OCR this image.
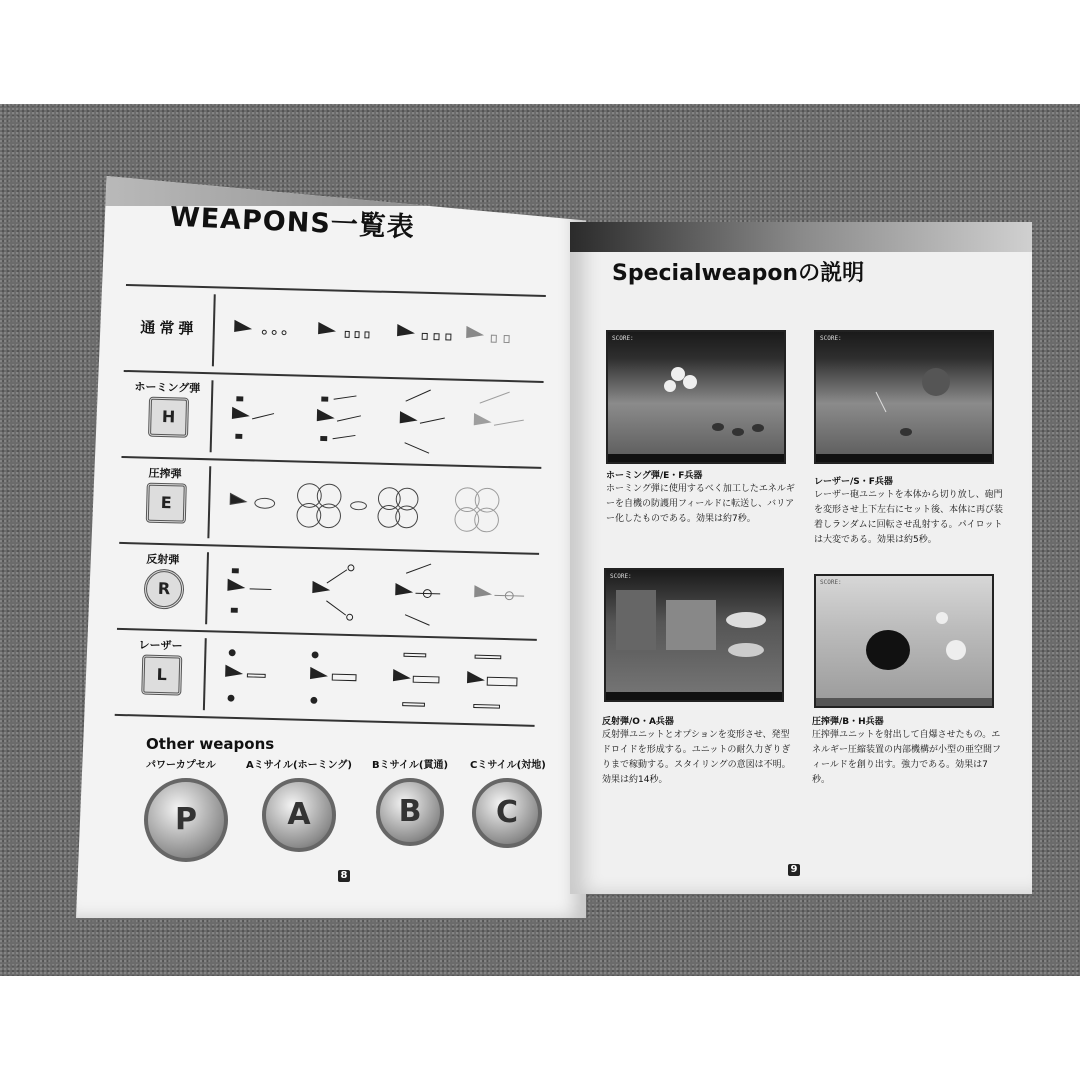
WEAPONS一覧表
通常弾
ホーミング弾
H
圧搾弾
E
反射弾
R
レーザー
L
Other weapons
パワーカプセル	Aミサイル(ホーミング) Bミサイル(貫通) Cミサイル(対地)
P	A	B	C
8
Specialweaponの説明
SCORE:	SCORE:
ホーミング弾/E・F兵器
ホーミング弾に使用するべく加工したエネルギーを自機の防護用フィールドに転送し、バリアー化したものである。効果は約7秒。
レーザー/S・F兵器
レーザー砲ユニットを本体から切り放し、砲門を変形させ上下左右にセット後、本体に再び装着しランダムに回転させ乱射する。パイロットは大変である。効果は約5秒。
SCORE:
SCORE:
反射弾/O・A兵器
反射弾ユニットとオプションを変形させ、発型ドロイドを形成する。ユニットの耐久力ぎりぎりまで稼動する。スタイリングの意図は不明。効果は約14秒。
圧搾弾/B・H兵器
圧搾弾ユニットを射出して自爆させたもの。エネルギー圧縮装置の内部機構が小型の亜空間フィールドを創り出す。強力である。効果は7秒。
9
